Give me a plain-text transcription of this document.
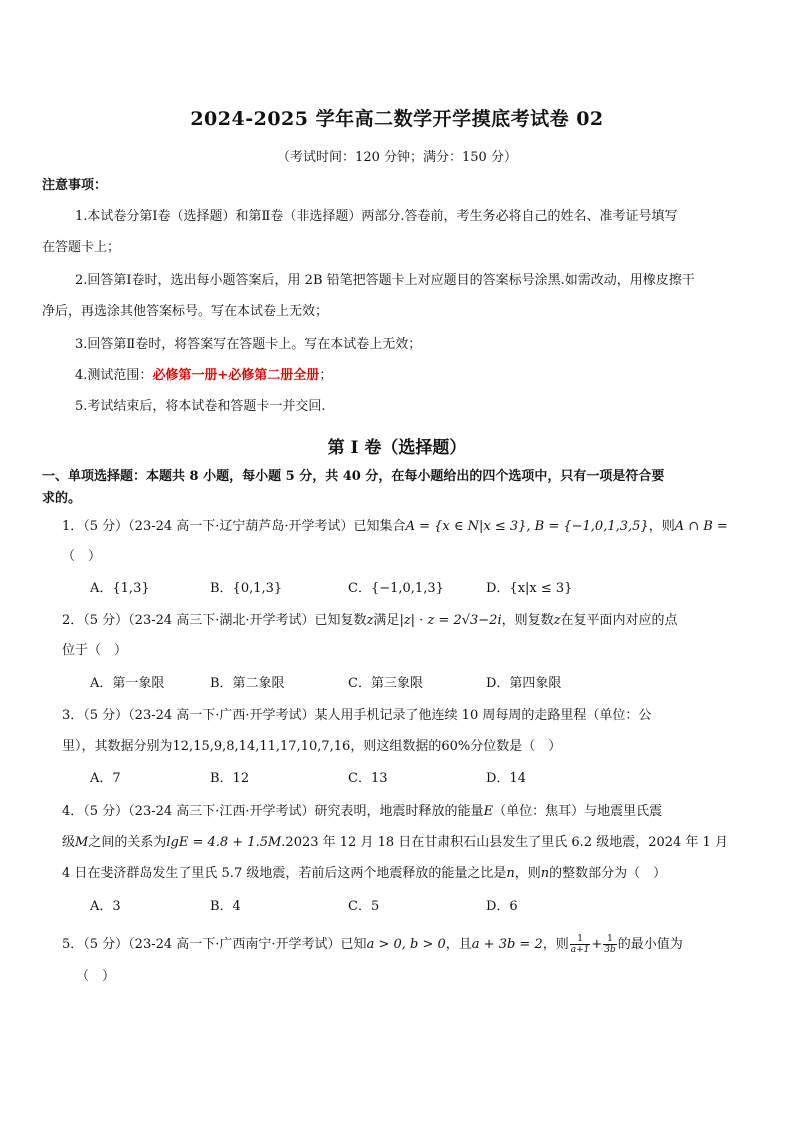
2024-2025 学年高二数学开学摸底考试卷 02
（考试时间：120 分钟；满分：150 分）
注意事项：
1.本试卷分第Ⅰ卷（选择题）和第Ⅱ卷（非选择题）两部分.答卷前，考生务必将自己的姓名、准考证号填写
在答题卡上；
2.回答第Ⅰ卷时，选出每小题答案后，用 2B 铅笔把答题卡上对应题目的答案标号涂黑.如需改动，用橡皮擦干
净后，再选涂其他答案标号。写在本试卷上无效；
3.回答第Ⅱ卷时，将答案写在答题卡上。写在本试卷上无效；
4.测试范围：必修第一册+必修第二册全册；
5.考试结束后，将本试卷和答题卡一并交回.
第 I 卷（选择题）
一、单项选择题：本题共 8 小题，每小题 5 分，共 40 分，在每小题给出的四个选项中，只有一项是符合要
求的。
1．（5 分）（23-24 高一下·辽宁葫芦岛·开学考试）已知集合A = {x ∈ N|x ≤ 3}, B = {−1,0,1,3,5}，则A ∩ B =
（　）
A．{1,3}	B．{0,1,3}	C．{−1,0,1,3}	D．{x|x ≤ 3}
2．（5 分）（23-24 高三下·湖北·开学考试）已知复数z满足|z| · z = 2√3−2i，则复数z在复平面内对应的点
位于（　）
A．第一象限	B．第二象限	C．第三象限	D．第四象限
3．（5 分）（23-24 高一下·广西·开学考试）某人用手机记录了他连续 10 周每周的走路里程（单位：公
里），其数据分别为12,15,9,8,14,11,17,10,7,16，则这组数据的60%分位数是（　）
A．7	B．12	C．13	D．14
4．（5 分）（23-24 高三下·江西·开学考试）研究表明，地震时释放的能量E（单位：焦耳）与地震里氏震
级M之间的关系为lgE = 4.8 + 1.5M.2023 年 12 月 18 日在甘肃积石山县发生了里氏 6.2 级地震，2024 年 1 月
4 日在斐济群岛发生了里氏 5.7 级地震，若前后这两个地震释放的能量之比是n，则n的整数部分为（　）
A．3	B．4	C．5	D．6
5．（5 分）（23-24 高一下·广西南宁·开学考试）已知a > 0, b > 0，且a + 3b = 2，则 $\frac{1}{a+1} + \frac{1}{3b}$ 的最小值为
（　）
